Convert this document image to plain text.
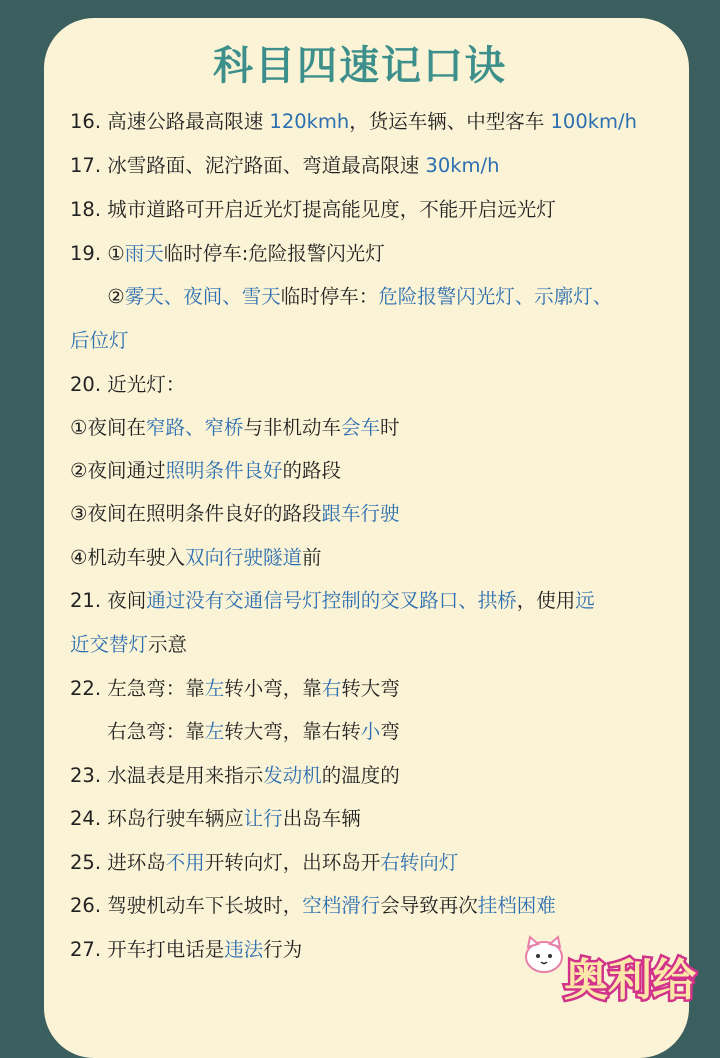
科目四速记口诀
16. 高速公路最高限速 120kmh，货运车辆、中型客车 100km/h
17. 冰雪路面、泥泞路面、弯道最高限速 30km/h
18. 城市道路可开启近光灯提高能见度，不能开启远光灯
19. ①雨天临时停车:危险报警闪光灯
②雾天、夜间、雪天临时停车：危险报警闪光灯、示廓灯、
后位灯
20. 近光灯：
①夜间在窄路、窄桥与非机动车会车时
②夜间通过照明条件良好的路段
③夜间在照明条件良好的路段跟车行驶
④机动车驶入双向行驶隧道前
21. 夜间通过没有交通信号灯控制的交叉路口、拱桥，使用远
近交替灯示意
22. 左急弯：靠左转小弯，靠右转大弯
右急弯：靠左转大弯，靠右转小弯
23. 水温表是用来指示发动机的温度的
24. 环岛行驶车辆应让行出岛车辆
25. 进环岛不用开转向灯，出环岛开右转向灯
26. 驾驶机动车下长坡时，空档滑行会导致再次挂档困难
27. 开车打电话是违法行为
奥利给
